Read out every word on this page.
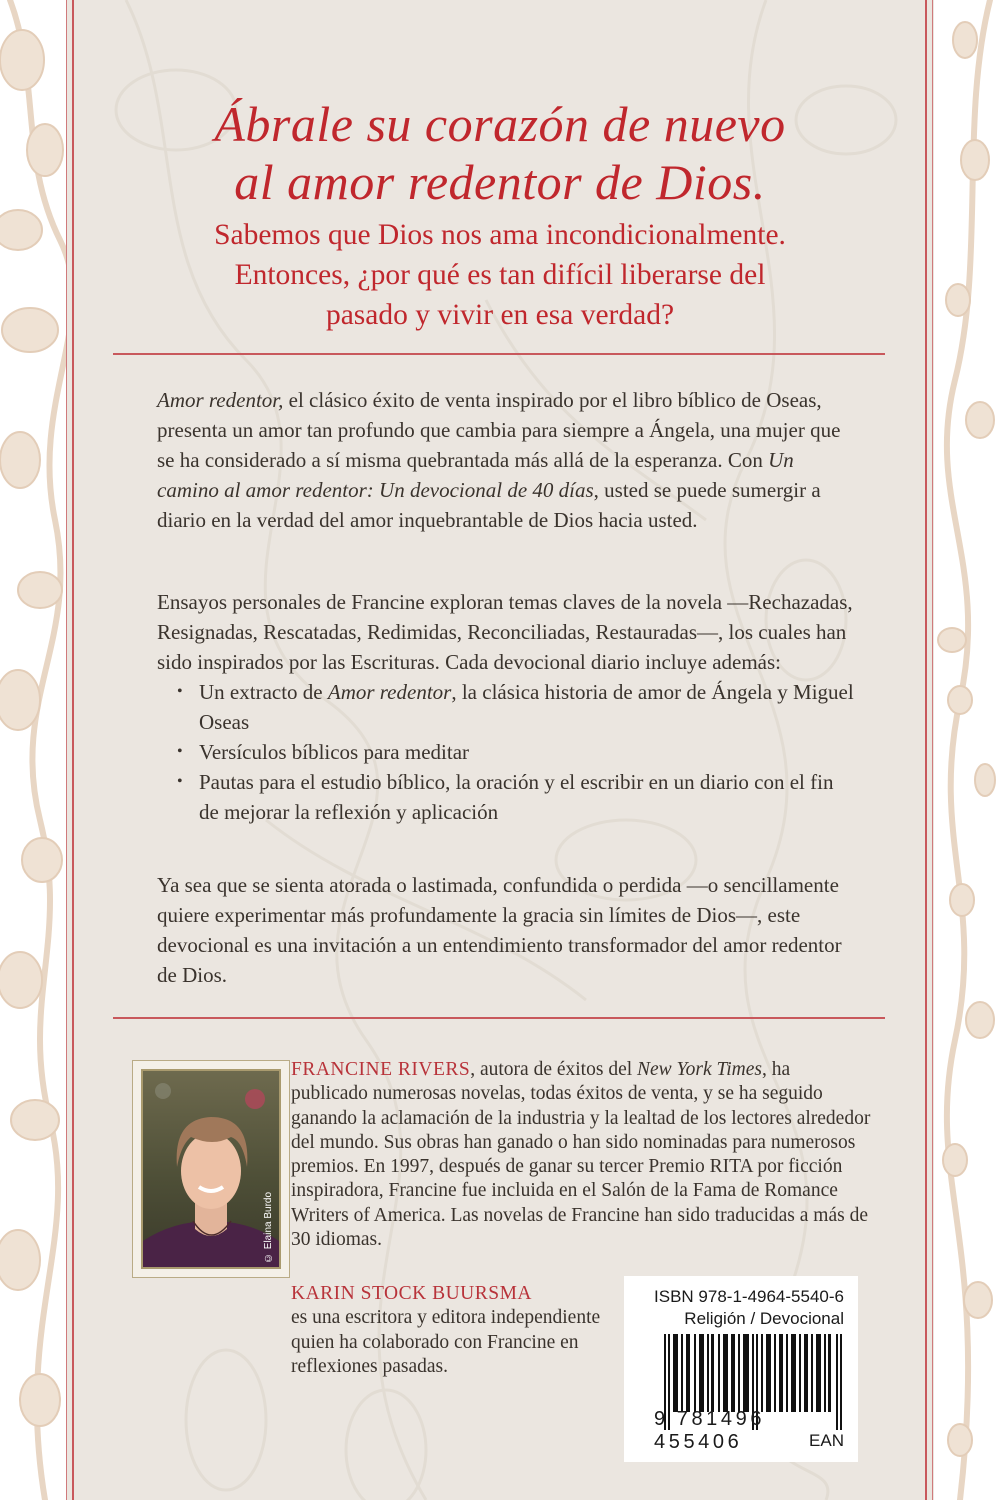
Ábrale su corazón de nuevo
al amor redentor de Dios.

Sabemos que Dios nos ama incondicionalmente.
Entonces, ¿por qué es tan difícil liberarse del
pasado y vivir en esa verdad?

Amor redentor, el clásico éxito de venta inspirado por el libro bíblico de Oseas, presenta un amor tan profundo que cambia para siempre a Ángela, una mujer que se ha considerado a sí misma quebrantada más allá de la esperanza. Con Un camino al amor redentor: Un devocional de 40 días, usted se puede sumergir a diario en la verdad del amor inquebrantable de Dios hacia usted.

Ensayos personales de Francine exploran temas claves de la novela —Rechazadas, Resignadas, Rescatadas, Redimidas, Reconciliadas, Restauradas—, los cuales han sido inspirados por las Escrituras. Cada devocional diario incluye además:

• Un extracto de Amor redentor, la clásica historia de amor de Ángela y Miguel Oseas
• Versículos bíblicos para meditar
• Pautas para el estudio bíblico, la oración y el escribir en un diario con el fin de mejorar la reflexión y aplicación

Ya sea que se sienta atorada o lastimada, confundida o perdida —o sencillamente quiere experimentar más profundamente la gracia sin límites de Dios—, este devocional es una invitación a un entendimiento transformador del amor redentor de Dios.

© Elaina Burdo

FRANCINE RIVERS, autora de éxitos del New York Times, ha publicado numerosas novelas, todas éxitos de venta, y se ha seguido ganando la aclamación de la industria y la lealtad de los lectores alrededor del mundo. Sus obras han ganado o han sido nominadas para numerosos premios. En 1997, después de ganar su tercer Premio RITA por ficción inspiradora, Francine fue incluida en el Salón de la Fama de Romance Writers of America. Las novelas de Francine han sido traducidas a más de 30 idiomas.

KARIN STOCK BUURSMA
es una escritora y editora independiente quien ha colaborado con Francine en reflexiones pasadas.

ISBN 978-1-4964-5540-6
Religión / Devocional
9 781496455406	EAN
